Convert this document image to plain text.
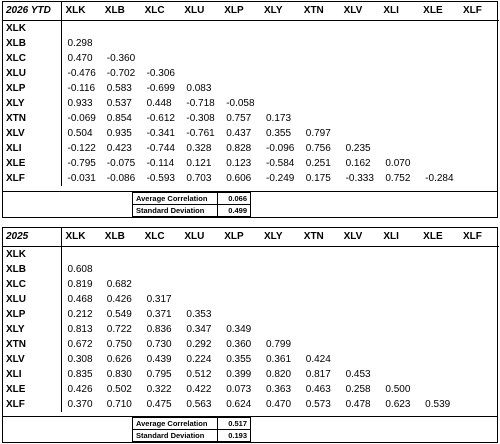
2026 YTD	XLK	XLB	XLC	XLU	XLP	XLY	XTN	XLV	XLI	XLE	XLF
XLK											
XLB	0.298										
XLC	0.470	-0.360									
XLU	-0.476	-0.702	-0.306								
XLP	-0.116	0.583	-0.699	0.083							
XLY	0.933	0.537	0.448	-0.718	-0.058						
XTN	-0.069	0.854	-0.612	-0.308	0.757	0.173					
XLV	0.504	0.935	-0.341	-0.761	0.437	0.355	0.797				
XLI	-0.122	0.423	-0.744	0.328	0.828	-0.096	0.756	0.235			
XLE	-0.795	-0.075	-0.114	0.121	0.123	-0.584	0.251	0.162	0.070		
XLF	-0.031	-0.086	-0.593	0.703	0.606	-0.249	0.175	-0.333	0.752	-0.284	
Average Correlation	0.066
Standard Deviation	0.499
2025	XLK	XLB	XLC	XLU	XLP	XLY	XTN	XLV	XLI	XLE	XLF
XLK											
XLB	0.608										
XLC	0.819	0.682									
XLU	0.468	0.426	0.317								
XLP	0.212	0.549	0.371	0.353							
XLY	0.813	0.722	0.836	0.347	0.349						
XTN	0.672	0.750	0.730	0.292	0.360	0.799					
XLV	0.308	0.626	0.439	0.224	0.355	0.361	0.424				
XLI	0.835	0.830	0.795	0.512	0.399	0.820	0.817	0.453			
XLE	0.426	0.502	0.322	0.422	0.073	0.363	0.463	0.258	0.500		
XLF	0.370	0.710	0.475	0.563	0.624	0.470	0.573	0.478	0.623	0.539	
Average Correlation	0.517
Standard Deviation	0.193
